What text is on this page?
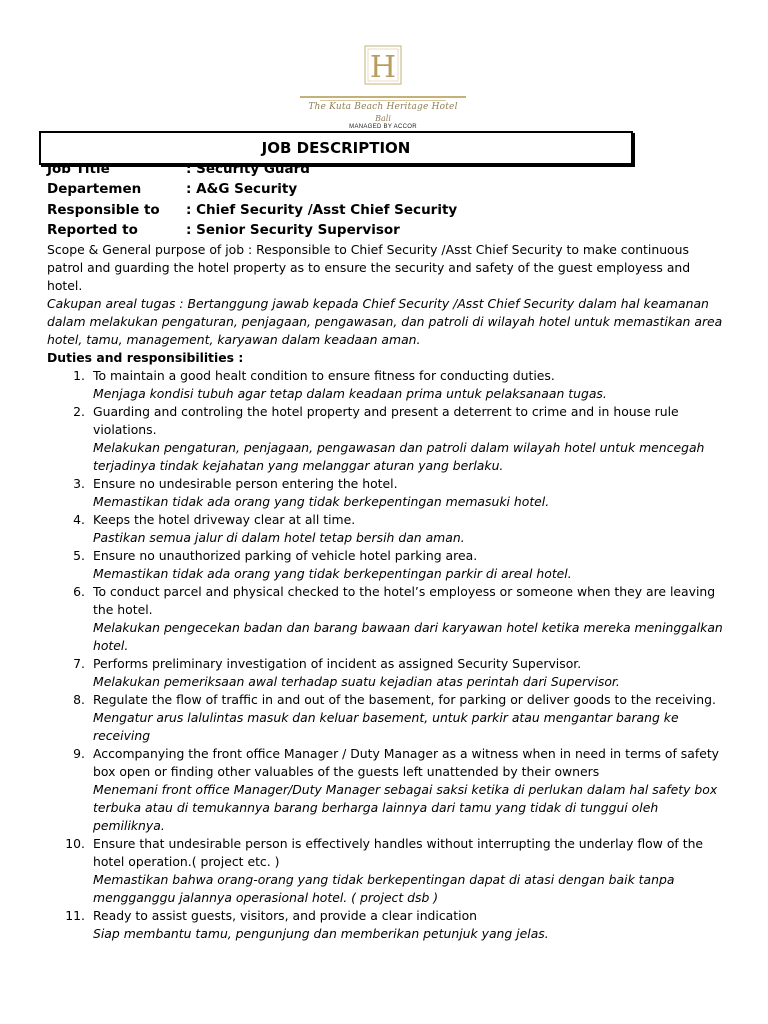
H
The Kuta Beach Heritage Hotel
Bali
MANAGED BY ACCOR
JOB DESCRIPTION
Job Title	: Security Guard
Departemen	: A&G Security
Responsible to : Chief Security /Asst Chief Security
Reported to	: Senior Security Supervisor

Scope & General purpose of job : Responsible to Chief Security /Asst Chief Security to make continuous patrol and guarding the hotel property as to ensure the security and safety of the guest employess and hotel.

Cakupan areal tugas : Bertanggung jawab kepada Chief Security /Asst Chief Security dalam hal keamanan dalam melakukan pengaturan, penjagaan, pengawasan, dan patroli di wilayah hotel untuk memastikan area hotel, tamu, management, karyawan dalam keadaan aman.

Duties and responsibilities :

1. To maintain a good healt condition to ensure fitness for conducting duties.
Menjaga kondisi tubuh agar tetap dalam keadaan prima untuk pelaksanaan tugas.
2. Guarding and controling the hotel property and present a deterrent to crime and in house rule violations.
Melakukan pengaturan, penjagaan, pengawasan dan patroli dalam wilayah hotel untuk mencegah terjadinya tindak kejahatan yang melanggar aturan yang berlaku.
3. Ensure no undesirable person entering the hotel.
Memastikan tidak ada orang yang tidak berkepentingan memasuki hotel.
4. Keeps the hotel driveway clear at all time.
Pastikan semua jalur di dalam hotel tetap bersih dan aman.
5. Ensure no unauthorized parking of vehicle hotel parking area.
Memastikan tidak ada orang yang tidak berkepentingan parkir di areal hotel.
6. To conduct parcel and physical checked to the hotel’s employess or someone when they are leaving the hotel.
Melakukan pengecekan badan dan barang bawaan dari karyawan hotel ketika mereka meninggalkan hotel.
7. Performs preliminary investigation of incident as assigned Security Supervisor.
Melakukan pemeriksaan awal terhadap suatu kejadian atas perintah dari Supervisor.
8. Regulate the flow of traffic in and out of the basement, for parking or deliver goods to the receiving.
Mengatur arus lalulintas masuk dan keluar basement, untuk parkir atau mengantar barang ke receiving
9. Accompanying the front office Manager / Duty Manager as a witness when in need in terms of safety box open or finding other valuables of the guests left unattended by their owners
Menemani front office Manager/Duty Manager sebagai saksi ketika di perlukan dalam hal safety box terbuka atau di temukannya barang berharga lainnya dari tamu yang tidak di tunggui oleh pemiliknya.
10. Ensure that undesirable person is effectively handles without interrupting the underlay flow of the hotel operation.( project etc. )
Memastikan bahwa orang-orang yang tidak berkepentingan dapat di atasi dengan baik tanpa mengganggu jalannya operasional hotel. ( project dsb )
11. Ready to assist guests, visitors, and provide a clear indication
Siap membantu tamu, pengunjung dan memberikan petunjuk yang jelas.
